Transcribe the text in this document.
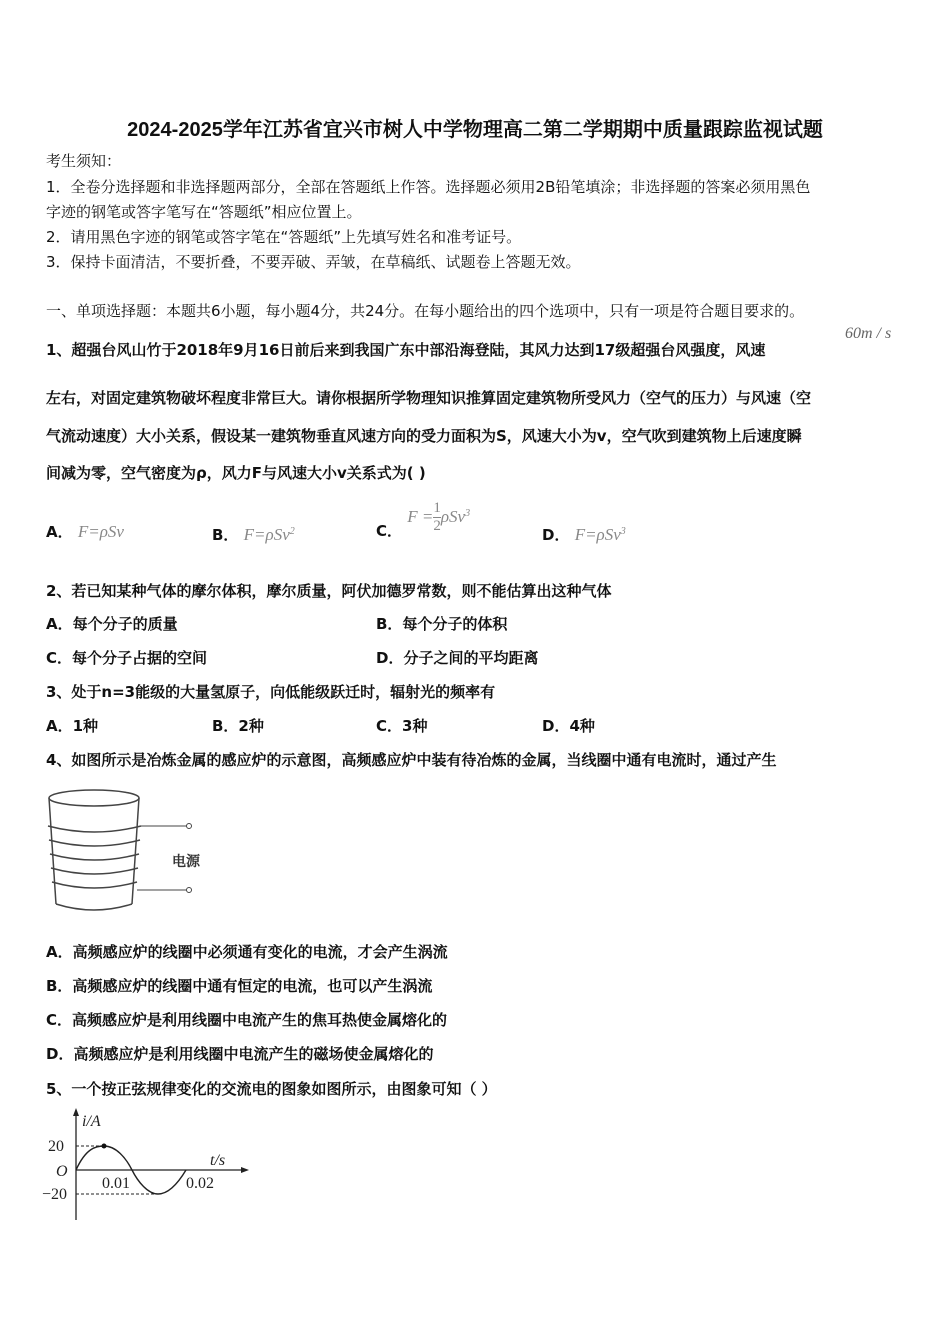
2024-2025学年江苏省宜兴市树人中学物理高二第二学期期中质量跟踪监视试题
考生须知：
1．全卷分选择题和非选择题两部分，全部在答题纸上作答。选择题必须用2B铅笔填涂；非选择题的答案必须用黑色
字迹的钢笔或答字笔写在“答题纸”相应位置上。
2．请用黑色字迹的钢笔或答字笔在“答题纸”上先填写姓名和准考证号。
3．保持卡面清洁，不要折叠，不要弄破、弄皱，在草稿纸、试题卷上答题无效。
一、单项选择题：本题共6小题，每小题4分，共24分。在每小题给出的四个选项中，只有一项是符合题目要求的。
1、超强台风山竹于2018年9月16日前后来到我国广东中部沿海登陆，其风力达到17级超强台风强度，风速
60m / s
左右，对固定建筑物破坏程度非常巨大。请你根据所学物理知识推算固定建筑物所受风力（空气的压力）与风速（空
气流动速度）大小关系，假设某一建筑物垂直风速方向的受力面积为S，风速大小为v，空气吹到建筑物上后速度瞬
间减为零，空气密度为ρ，风力F与风速大小v关系式为( )
A． F=ρSv	B． F=ρSv$^2$	C． $F = \frac{1}{2} \rho Sv^3$
D． F=ρSv$^3$
2、若已知某种气体的摩尔体积，摩尔质量，阿伏加德罗常数，则不能估算出这种气体
A．每个分子的质量	B．每个分子的体积
C．每个分子占据的空间	D．分子之间的平均距离
3、处于n=3能级的大量氢原子，向低能级跃迁时，辐射光的频率有
A．1种	B．2种	C．3种	D．4种
4、如图所示是冶炼金属的感应炉的示意图，高频感应炉中装有待冶炼的金属，当线圈中通有电流时，通过产生
电源
A．高频感应炉的线圈中必须通有变化的电流，才会产生涡流
B．高频感应炉的线圈中通有恒定的电流，也可以产生涡流
C．高频感应炉是利用线圈中电流产生的焦耳热使金属熔化的
D．高频感应炉是利用线圈中电流产生的磁场使金属熔化的
5、一个按正弦规律变化的交流电的图象如图所示，由图象可知（ ）
i/A
20
O
−20
t/s
0.01	0.02
